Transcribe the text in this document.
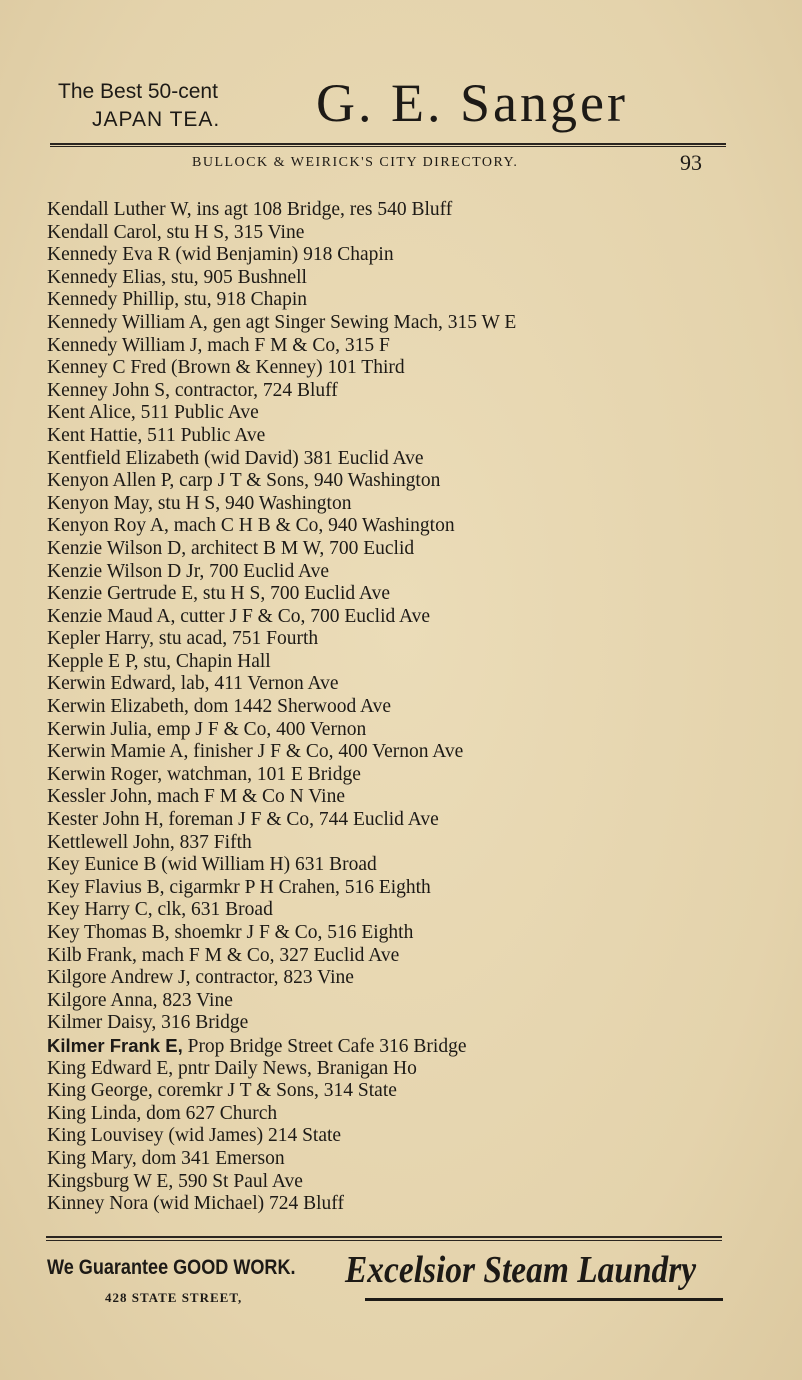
The Best 50-cent
JAPAN TEA. G. E. Sanger
BULLOCK & WEIRICK'S CITY DIRECTORY.	93
Kendall Luther W, ins agt 108 Bridge, res 540 Bluff
Kendall Carol, stu H S, 315 Vine
Kennedy Eva R (wid Benjamin) 918 Chapin
Kennedy Elias, stu, 905 Bushnell
Kennedy Phillip, stu, 918 Chapin
Kennedy William A, gen agt Singer Sewing Mach, 315 W E
Kennedy William J, mach F M & Co, 315 F
Kenney C Fred (Brown & Kenney) 101 Third
Kenney John S, contractor, 724 Bluff
Kent Alice, 511 Public Ave
Kent Hattie, 511 Public Ave
Kentfield Elizabeth (wid David) 381 Euclid Ave
Kenyon Allen P, carp J T & Sons, 940 Washington
Kenyon May, stu H S, 940 Washington
Kenyon Roy A, mach C H B & Co, 940 Washington
Kenzie Wilson D, architect B M W, 700 Euclid
Kenzie Wilson D Jr, 700 Euclid Ave
Kenzie Gertrude E, stu H S, 700 Euclid Ave
Kenzie Maud A, cutter J F & Co, 700 Euclid Ave
Kepler Harry, stu acad, 751 Fourth
Kepple E P, stu, Chapin Hall
Kerwin Edward, lab, 411 Vernon Ave
Kerwin Elizabeth, dom 1442 Sherwood Ave
Kerwin Julia, emp J F & Co, 400 Vernon
Kerwin Mamie A, finisher J F & Co, 400 Vernon Ave
Kerwin Roger, watchman, 101 E Bridge
Kessler John, mach F M & Co N Vine
Kester John H, foreman J F & Co, 744 Euclid Ave
Kettlewell John, 837 Fifth
Key Eunice B (wid William H) 631 Broad
Key Flavius B, cigarmkr P H Crahen, 516 Eighth
Key Harry C, clk, 631 Broad
Key Thomas B, shoemkr J F & Co, 516 Eighth
Kilb Frank, mach F M & Co, 327 Euclid Ave
Kilgore Andrew J, contractor, 823 Vine
Kilgore Anna, 823 Vine
Kilmer Daisy, 316 Bridge
Kilmer Frank E, Prop Bridge Street Cafe 316 Bridge
King Edward E, pntr Daily News, Branigan Ho
King George, coremkr J T & Sons, 314 State
King Linda, dom 627 Church
King Louvisey (wid James) 214 State
King Mary, dom 341 Emerson
Kingsburg W E, 590 St Paul Ave
Kinney Nora (wid Michael) 724 Bluff
We Guarantee GOOD WORK.
428 STATE STREET,
Excelsior Steam Laundry
